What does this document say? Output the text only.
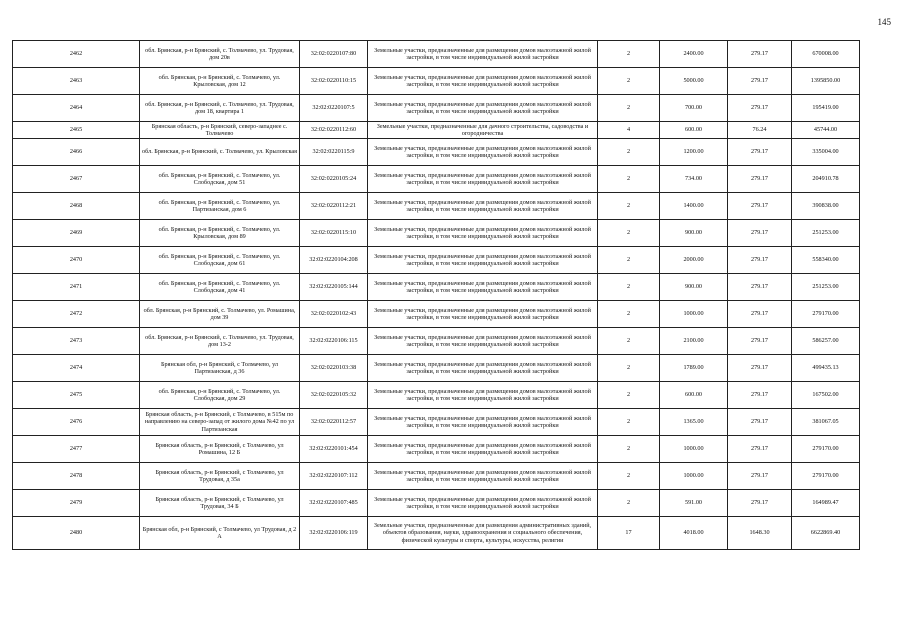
145
2462	обл. Брянская, р-н Брянский, с. Толмачево, ул. Трудовая, дом 20в	32:02:0220107:80	Земельные участки, предназначенные для размещения домов малоэтажной жилой застройки, в том числе индивидуальной жилой застройки	2	2400.00	279.17	670008.00
2463	обл. Брянская, р-н Брянский, с. Толмачево, ул. Крыловская, дом 12	32:02:0220110:15	Земельные участки, предназначенные для размещения домов малоэтажной жилой застройки, в том числе индивидуальной жилой застройки	2	5000.00	279.17	1395850.00
2464	обл. Брянская, р-н Брянский, с. Толмачево, ул. Трудовая, дом 18, квартира 1	32:02:0220107:5	Земельные участки, предназначенные для размещения домов малоэтажной жилой застройки, в том числе индивидуальной жилой застройки	2	700.00	279.17	195419.00
2465	Брянская область, р-н Брянский, северо-западнее с. Толмачево	32:02:0220112:60	Земельные участки, предназначенные для дачного строительства, садоводства и огородничества	4	600.00	76.24	45744.00
2466	обл. Брянская, р-н Брянский, с. Толмачево, ул. Крыловская	32:02:0220115:9	Земельные участки, предназначенные для размещения домов малоэтажной жилой застройки, в том числе индивидуальной жилой застройки	2	1200.00	279.17	335004.00
2467	обл. Брянская, р-н Брянский, с. Толмачево, ул. Слободская, дом 51	32:02:0220105:24	Земельные участки, предназначенные для размещения домов малоэтажной жилой застройки, в том числе индивидуальной жилой застройки	2	734.00	279.17	204910.78
2468	обл. Брянская, р-н Брянский, с. Толмачево, ул. Партизанская, дом 6	32:02:0220112:21	Земельные участки, предназначенные для размещения домов малоэтажной жилой застройки, в том числе индивидуальной жилой застройки	2	1400.00	279.17	390838.00
2469	обл. Брянская, р-н Брянский, с. Толмачево, ул. Крыловская, дом 89	32:02:0220115:10	Земельные участки, предназначенные для размещения домов малоэтажной жилой застройки, в том числе индивидуальной жилой застройки	2	900.00	279.17	251253.00
2470	обл. Брянская, р-н Брянский, с. Толмачево, ул. Слободская, дом 61	32:02:0220104:208	Земельные участки, предназначенные для размещения домов малоэтажной жилой застройки, в том числе индивидуальной жилой застройки	2	2000.00	279.17	558340.00
2471	обл. Брянская, р-н Брянский, с. Толмачево, ул. Слободская, дом 41	32:02:0220105:144	Земельные участки, предназначенные для размещения домов малоэтажной жилой застройки, в том числе индивидуальной жилой застройки	2	900.00	279.17	251253.00
2472	обл. Брянская, р-н Брянский, с. Толмачево, ул. Ромашина, дом 39	32:02:0220102:43	Земельные участки, предназначенные для размещения домов малоэтажной жилой застройки, в том числе индивидуальной жилой застройки	2	1000.00	279.17	279170.00
2473	обл. Брянская, р-н Брянский, с. Толмачево, ул. Трудовая, дом 13-2	32:02:0220106:115	Земельные участки, предназначенные для размещения домов малоэтажной жилой застройки, в том числе индивидуальной жилой застройки	2	2100.00	279.17	586257.00
2474	Брянская обл, р-н Брянский, с Толмачево, ул Партизанская, д 36	32:02:0220103:38	Земельные участки, предназначенные для размещения домов малоэтажной жилой застройки, в том числе индивидуальной жилой застройки	2	1789.00	279.17	499435.13
2475	обл. Брянская, р-н Брянский, с. Толмачево, ул. Слободская, дом 29	32:02:0220105:32	Земельные участки, предназначенные для размещения домов малоэтажной жилой застройки, в том числе индивидуальной жилой застройки	2	600.00	279.17	167502.00
2476	Брянская область, р-н Брянский, с Толмачево, в 515м по направлению на северо-запад от жилого дома №42 по ул Партизанская	32:02:0220112:57	Земельные участки, предназначенные для размещения домов малоэтажной жилой застройки, в том числе индивидуальной жилой застройки	2	1365.00	279.17	381067.05
2477	Брянская область, р-н Брянский, с Толмачево, ул Ромашина, 12 Б	32:02:0220101:454	Земельные участки, предназначенные для размещения домов малоэтажной жилой застройки, в том числе индивидуальной жилой застройки	2	1000.00	279.17	279170.00
2478	Брянская область, р-н Брянский, с Толмачево, ул Трудовая, д 35а	32:02:0220107:112	Земельные участки, предназначенные для размещения домов малоэтажной жилой застройки, в том числе индивидуальной жилой застройки	2	1000.00	279.17	279170.00
2479	Брянская область, р-н Брянский, с Толмачево, ул Трудовая, 34 Б	32:02:0220107:485	Земельные участки, предназначенные для размещения домов малоэтажной жилой застройки, в том числе индивидуальной жилой застройки	2	591.00	279.17	164989.47
2480	Брянская обл, р-н Брянский, с Толмачево, ул Трудовая, д 2 А	32:02:0220106:119	Земельные участки, предназначенные для размещения административных зданий, объектов образования, науки, здравоохранения и социального обеспечения, физической культуры и спорта, культуры, искусства, религии	17	4018.00	1648.30	6622869.40
